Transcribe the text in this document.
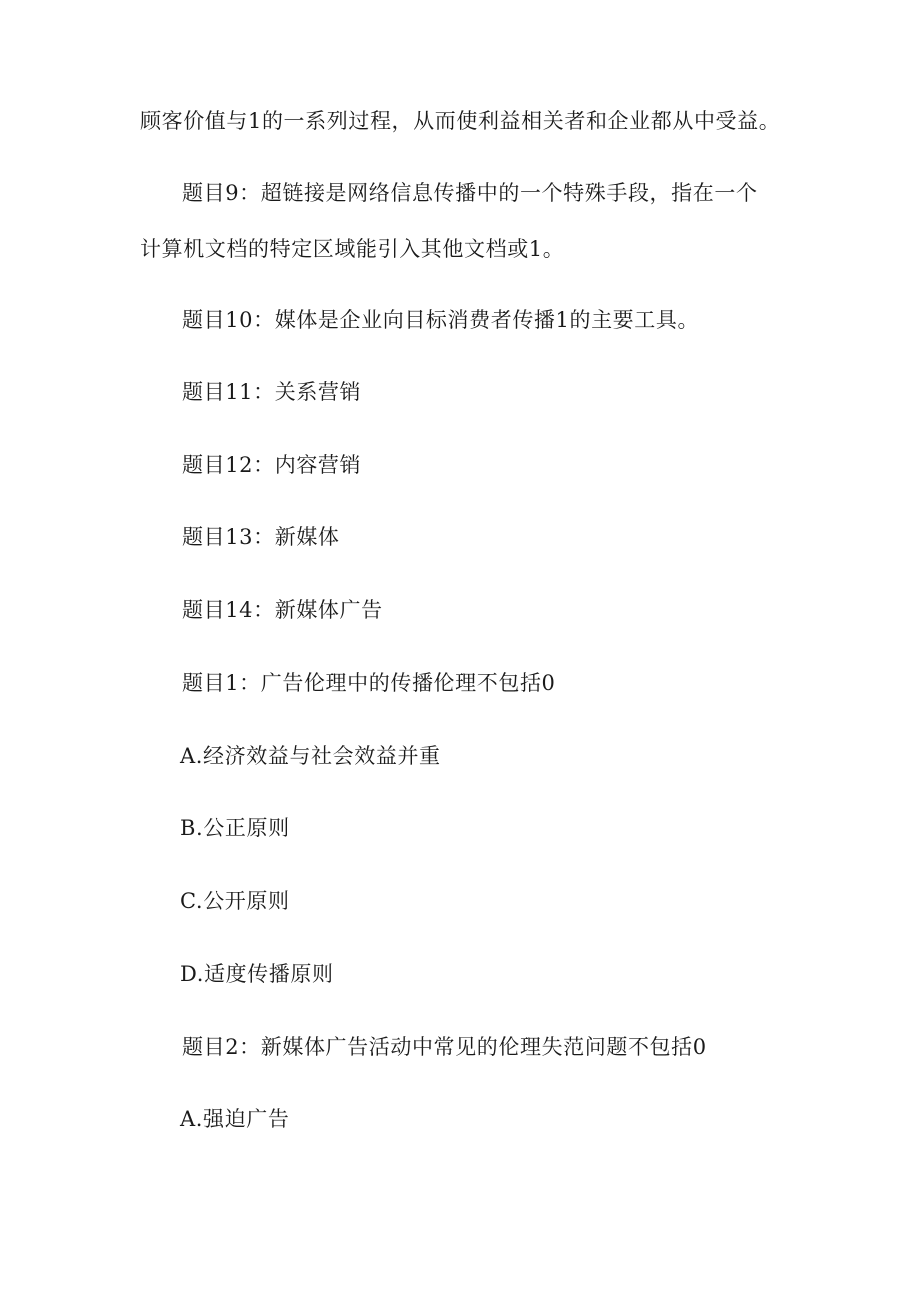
顾客价值与1的一系列过程，从而使利益相关者和企业都从中受益。
题目9：超链接是网络信息传播中的一个特殊手段，指在一个
计算机文档的特定区域能引入其他文档或1。
题目10：媒体是企业向目标消费者传播1的主要工具。
题目11：关系营销
题目12：内容营销
题目13：新媒体
题目14：新媒体广告
题目1：广告伦理中的传播伦理不包括0
A.经济效益与社会效益并重
B.公正原则
C.公开原则
D.适度传播原则
题目2：新媒体广告活动中常见的伦理失范问题不包括0
A.强迫广告
